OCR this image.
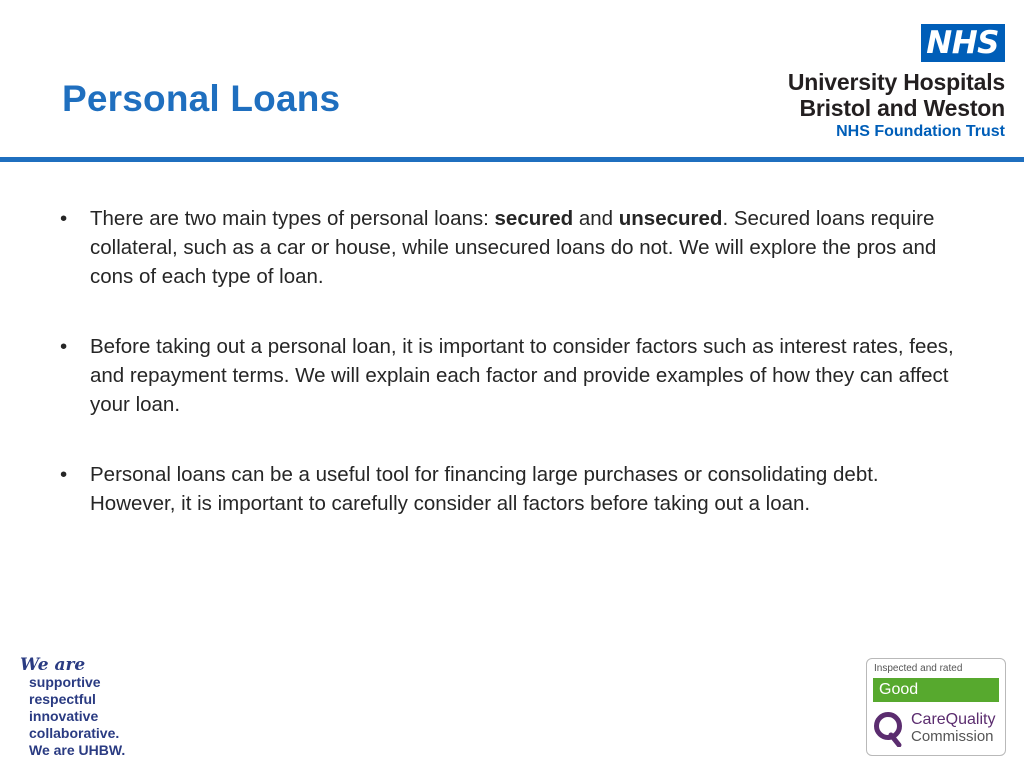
Personal Loans
NHS
University Hospitals
Bristol and Weston
NHS Foundation Trust
• There are two main types of personal loans: secured and unsecured. Secured loans require collateral, such as a car or house, while unsecured loans do not. We will explore the pros and cons of each type of loan.
• Before taking out a personal loan, it is important to consider factors such as interest rates, fees, and repayment terms. We will explain each factor and provide examples of how they can affect your loan.
• Personal loans can be a useful tool for financing large purchases or consolidating debt. However, it is important to carefully consider all factors before taking out a loan.
We are
supportive
respectful
innovative
collaborative.
We are UHBW.
Inspected and rated
Good
CareQuality
Commission
